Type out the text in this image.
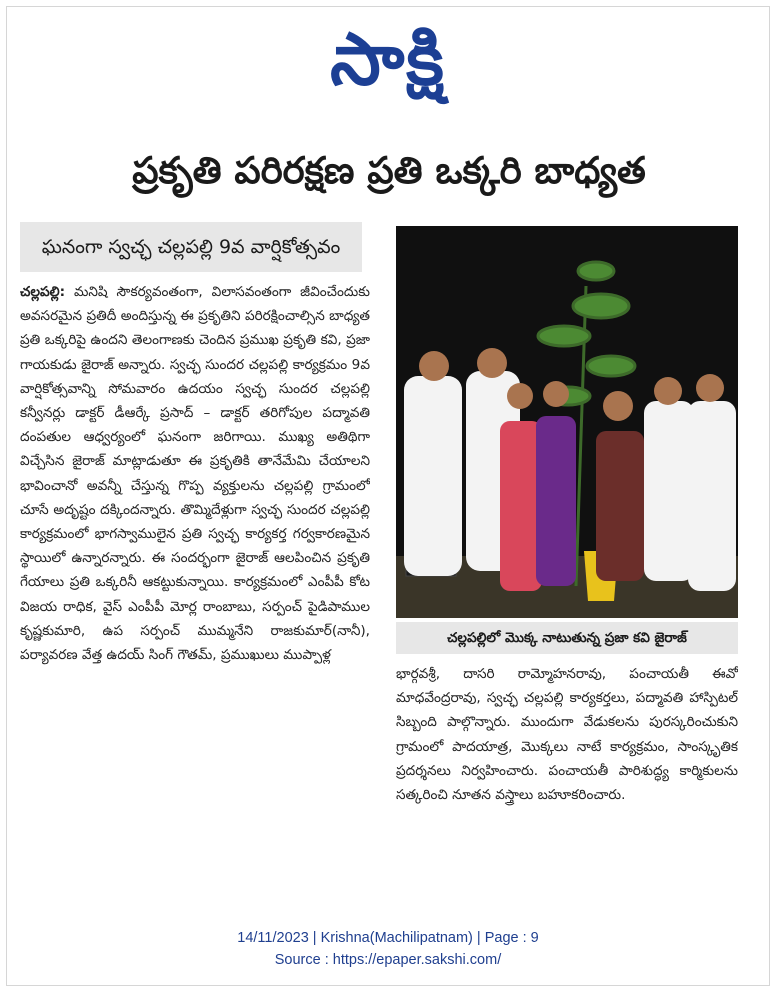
సాక్షి
ప్రకృతి పరిరక్షణ ప్రతి ఒక్కరి బాధ్యత
ఘనంగా స్వచ్ఛ చల్లపల్లి 9వ వార్షికోత్సవం

చల్లపల్లి: మనిషి సౌకర్యవంతంగా, విలాసవంతంగా జీవించేందుకు అవసరమైన ప్రతిదీ అందిస్తున్న ఈ ప్రకృతిని పరిరక్షించాల్సిన బాధ్యత ప్రతి ఒక్కరిపై ఉందని తెలంగాణకు చెందిన ప్రముఖ ప్రకృతి కవి, ప్రజా గాయకుడు జైరాజ్ అన్నారు. స్వచ్ఛ సుందర చల్లపల్లి కార్యక్రమం 9వ వార్షికోత్సవాన్ని సోమవారం ఉదయం స్వచ్ఛ సుందర చల్లపల్లి కన్వీనర్లు డాక్టర్ డీఆర్కే ప్రసాద్ – డాక్టర్ తరిగోపుల పద్మావతి దంపతుల ఆధ్వర్యంలో ఘనంగా జరిగాయి. ముఖ్య అతిథిగా విచ్చేసిన జైరాజ్ మాట్లాడుతూ ఈ ప్రకృతికి తానేమేమి చేయాలని భావించానో అవన్నీ చేస్తున్న గొప్ప వ్యక్తులను చల్లపల్లి గ్రామంలో చూసే అదృష్టం దక్కిందన్నారు. తొమ్మిదేళ్లుగా స్వచ్ఛ సుందర చల్లపల్లి కార్యక్రమంలో భాగస్వాములైన ప్రతి స్వచ్ఛ కార్యకర్త గర్వకారణమైన స్థాయిలో ఉన్నారన్నారు. ఈ సందర్భంగా జైరాజ్ ఆలపించిన ప్రకృతి గేయాలు ప్రతి ఒక్కరినీ ఆకట్టుకున్నాయి. కార్యక్రమంలో ఎంపీపీ కోట విజయ రాధిక, వైస్ ఎంపీపీ మోర్ల రాంబాబు, సర్పంచ్ పైడిపాముల కృష్ణకుమారి, ఉప సర్పంచ్ ముమ్మనేని రాజకుమార్(నానీ), పర్యావరణ వేత్త ఉదయ్ సింగ్ గౌతమ్, ప్రముఖులు ముప్పాళ్ల

చల్లపల్లిలో మొక్క నాటుతున్న ప్రజా కవి జైరాజ్

భార్గవశ్రీ, దాసరి రామ్మోహనరావు, పంచాయతీ ఈవో మాధవేంద్రరావు, స్వచ్ఛ చల్లపల్లి కార్యకర్తలు, పద్మావతి హాస్పిటల్ సిబ్బంది పాల్గొన్నారు. ముందుగా వేడుకలను పురస్కరించుకుని గ్రామంలో పాదయాత్ర, మొక్కలు నాటే కార్యక్రమం, సాంస్కృతిక ప్రదర్శనలు నిర్వహించారు. పంచాయతీ పారిశుద్ధ్య కార్మికులను సత్కరించి నూతన వస్త్రాలు బహూకరించారు.

14/11/2023 | Krishna(Machilipatnam) | Page : 9
Source : https://epaper.sakshi.com/
